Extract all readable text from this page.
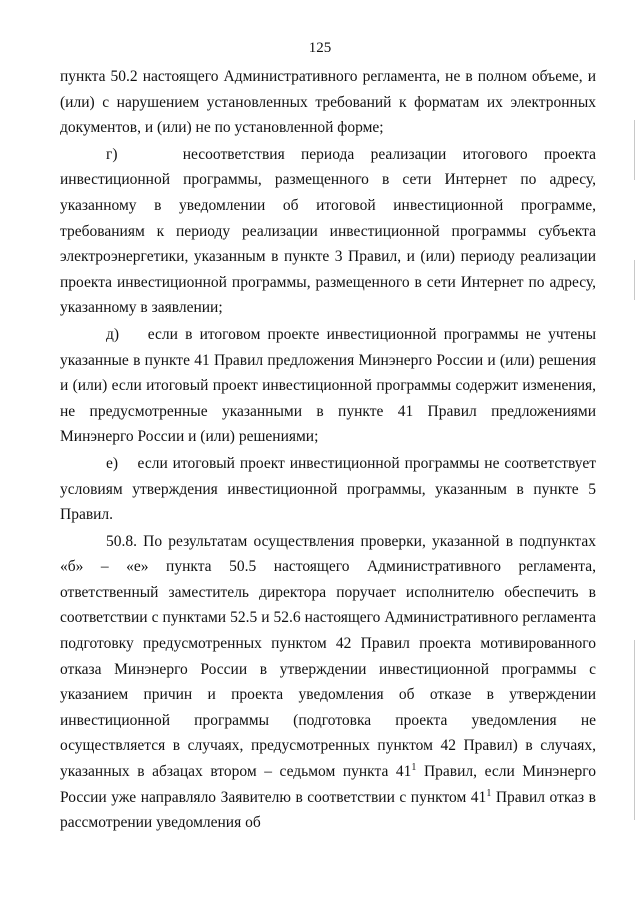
125

пункта 50.2 настоящего Административного регламента, не в полном объеме, и (или) с нарушением установленных требований к форматам их электронных документов, и (или) не по установленной форме;

г)    несоответствия периода реализации итогового проекта инвестиционной программы, размещенного в сети Интернет по адресу, указанному в уведомлении об итоговой инвестиционной программе, требованиям к периоду реализации инвестиционной программы субъекта электроэнергетики, указанным в пункте 3 Правил, и (или) периоду реализации проекта инвестиционной программы, размещенного в сети Интернет по адресу, указанному в заявлении;

д)    если в итоговом проекте инвестиционной программы не учтены указанные в пункте 41 Правил предложения Минэнерго России и (или) решения и (или) если итоговый проект инвестиционной программы содержит изменения, не предусмотренные указанными в пункте 41 Правил предложениями Минэнерго России и (или) решениями;

е)    если итоговый проект инвестиционной программы не соответствует условиям утверждения инвестиционной программы, указанным в пункте 5 Правил.

50.8. По результатам осуществления проверки, указанной в подпунктах «б» – «е» пункта 50.5 настоящего Административного регламента, ответственный заместитель директора поручает исполнителю обеспечить в соответствии с пунктами 52.5 и 52.6 настоящего Административного регламента подготовку предусмотренных пунктом 42 Правил проекта мотивированного отказа Минэнерго России в утверждении инвестиционной программы с указанием причин и проекта уведомления об отказе в утверждении инвестиционной программы (подготовка проекта уведомления не осуществляется в случаях, предусмотренных пунктом 42 Правил) в случаях, указанных в абзацах втором – седьмом пункта $41^1$ Правил, если Минэнерго России уже направляло Заявителю в соответствии с пунктом $41^1$ Правил отказ в рассмотрении уведомления об
